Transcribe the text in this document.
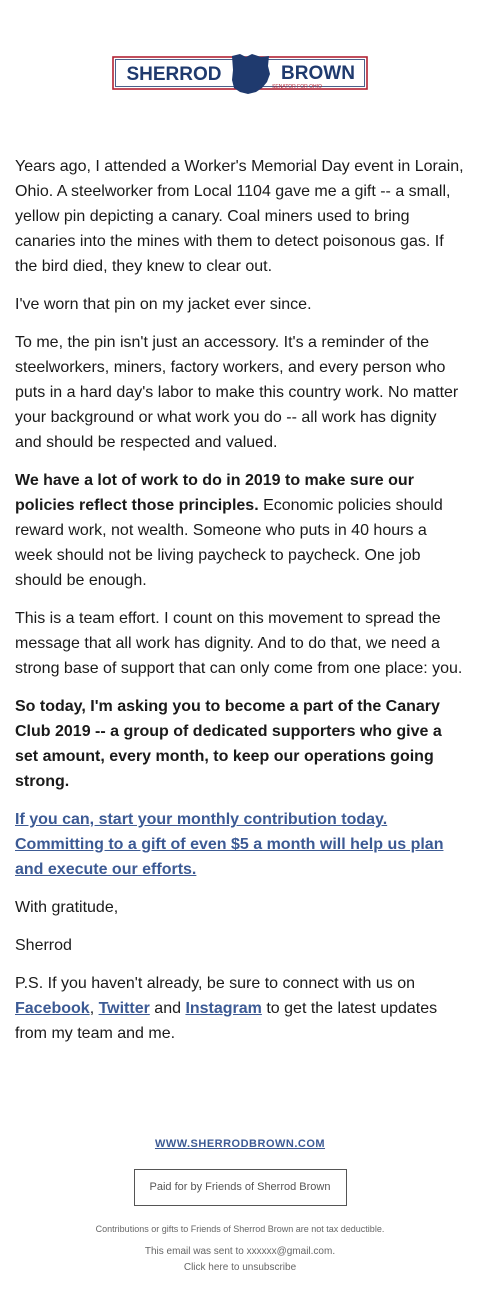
SHERROD	BROWN
SENATOR FOR OHIO

Years ago, I attended a Worker's Memorial Day event in Lorain, Ohio. A steelworker from Local 1104 gave me a gift -- a small, yellow pin depicting a canary. Coal miners used to bring canaries into the mines with them to detect poisonous gas. If the bird died, they knew to clear out.

I've worn that pin on my jacket ever since.

To me, the pin isn't just an accessory. It's a reminder of the steelworkers, miners, factory workers, and every person who puts in a hard day's labor to make this country work. No matter your background or what work you do -- all work has dignity and should be respected and valued.

We have a lot of work to do in 2019 to make sure our policies reflect those principles. Economic policies should reward work, not wealth. Someone who puts in 40 hours a week should not be living paycheck to paycheck. One job should be enough.

This is a team effort. I count on this movement to spread the message that all work has dignity. And to do that, we need a strong base of support that can only come from one place: you.

So today, I'm asking you to become a part of the Canary Club 2019 -- a group of dedicated supporters who give a set amount, every month, to keep our operations going strong.

If you can, start your monthly contribution today. Committing to a gift of even $5 a month will help us plan and execute our efforts.

With gratitude,

Sherrod

P.S. If you haven't already, be sure to connect with us on Facebook, Twitter and Instagram to get the latest updates from my team and me.

WWW.SHERRODBROWN.COM
Paid for by Friends of Sherrod Brown
Contributions or gifts to Friends of Sherrod Brown are not tax deductible.
This email was sent to xxxxxx@gmail.com.
Click here to unsubscribe
